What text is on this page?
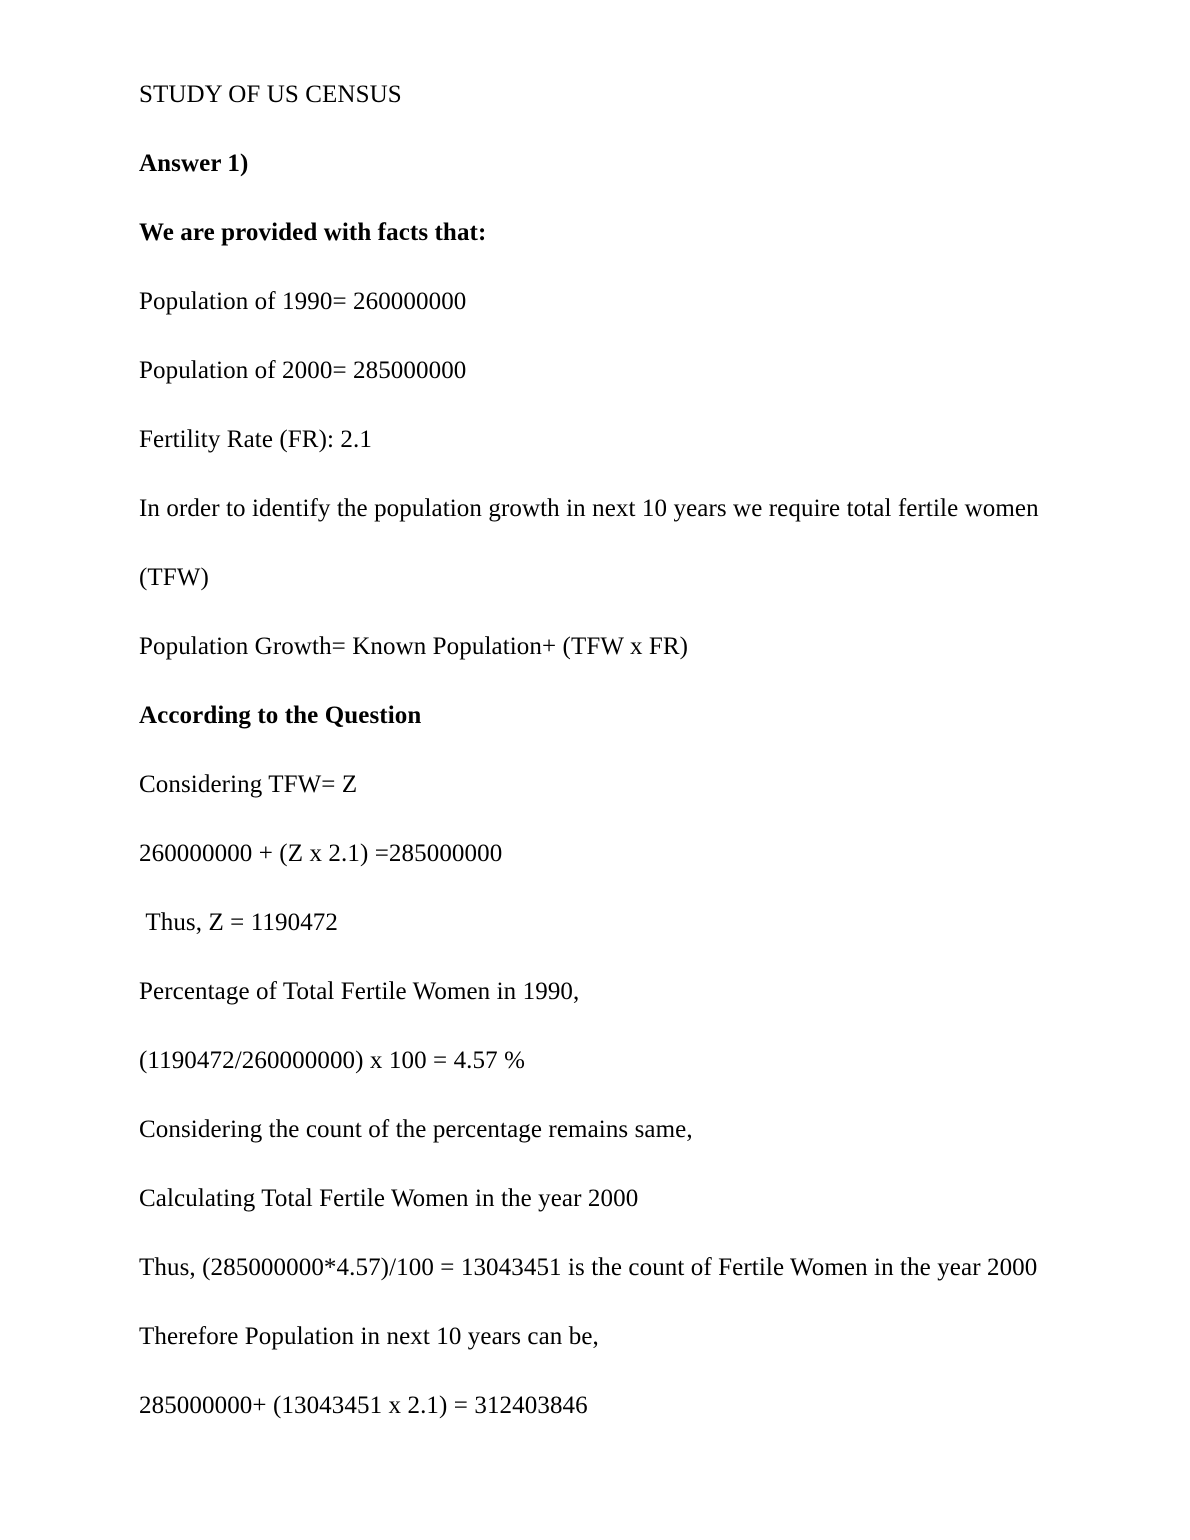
STUDY OF US CENSUS

Answer 1)

We are provided with facts that:

Population of 1990= 260000000

Population of 2000= 285000000

Fertility Rate (FR): 2.1

In order to identify the population growth in next 10 years we require total fertile women (TFW)

Population Growth= Known Population+ (TFW x FR)

According to the Question

Considering TFW= Z

260000000 + (Z x 2.1) =285000000

Thus, Z = 1190472

Percentage of Total Fertile Women in 1990,

(1190472/260000000) x 100 = 4.57 %

Considering the count of the percentage remains same,

Calculating Total Fertile Women in the year 2000

Thus, (285000000*4.57)/100 = 13043451 is the count of Fertile Women in the year 2000

Therefore Population in next 10 years can be,

285000000+ (13043451 x 2.1) = 312403846
